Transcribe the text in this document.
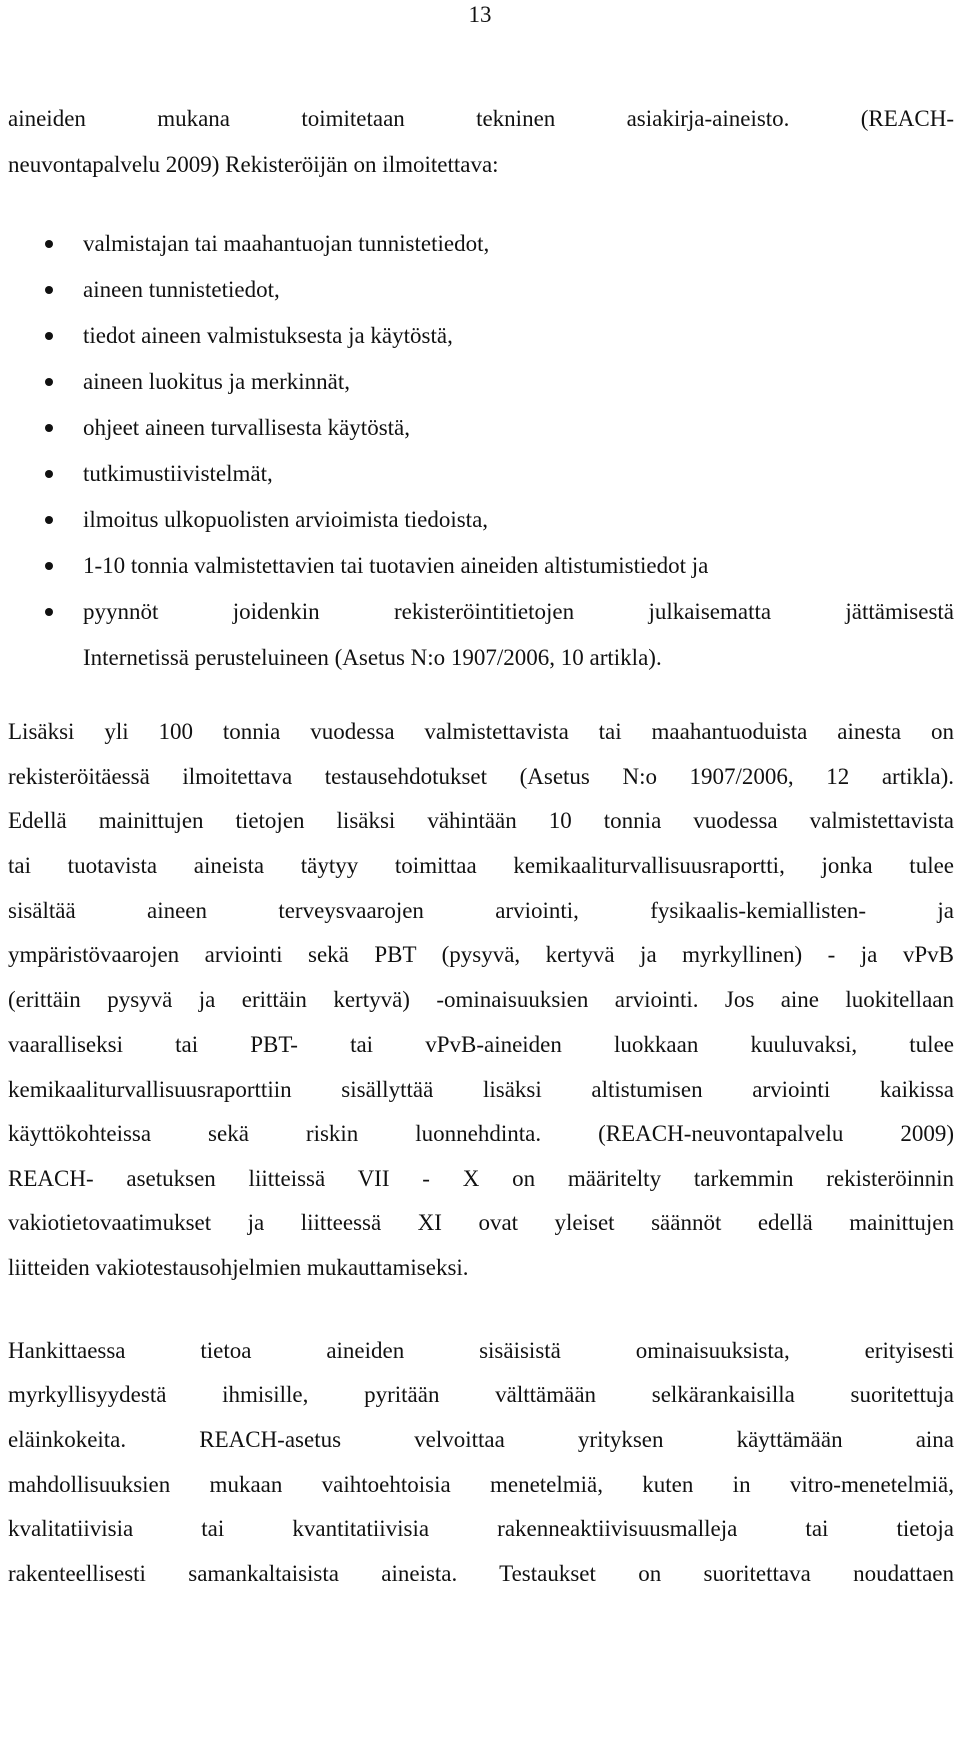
13
aineiden mukana toimitetaan tekninen asiakirja-aineisto. (REACH-
neuvontapalvelu 2009) Rekisteröijän on ilmoitettava:
valmistajan tai maahantuojan tunnistetiedot,
aineen tunnistetiedot,
tiedot aineen valmistuksesta ja käytöstä,
aineen luokitus ja merkinnät,
ohjeet aineen turvallisesta käytöstä,
tutkimustiivistelmät,
ilmoitus ulkopuolisten arvioimista tiedoista,
1-10 tonnia valmistettavien tai tuotavien aineiden altistumistiedot ja
pyynnöt joidenkin rekisteröintitietojen julkaisematta jättämisestä
Internetissä perusteluineen (Asetus N:o 1907/2006, 10 artikla).
Lisäksi yli 100 tonnia vuodessa valmistettavista tai maahantuoduista ainesta on
rekisteröitäessä ilmoitettava testausehdotukset (Asetus N:o 1907/2006, 12 artikla).
Edellä mainittujen tietojen lisäksi vähintään 10 tonnia vuodessa valmistettavista
tai tuotavista aineista täytyy toimittaa kemikaaliturvallisuusraportti, jonka tulee
sisältää aineen terveysvaarojen arviointi, fysikaalis-kemiallisten- ja
ympäristövaarojen arviointi sekä PBT (pysyvä, kertyvä ja myrkyllinen) - ja vPvB
(erittäin pysyvä ja erittäin kertyvä) -ominaisuuksien arviointi. Jos aine luokitellaan
vaaralliseksi tai PBT- tai vPvB-aineiden luokkaan kuuluvaksi, tulee
kemikaaliturvallisuusraporttiin sisällyttää lisäksi altistumisen arviointi kaikissa
käyttökohteissa sekä riskin luonnehdinta. (REACH-neuvontapalvelu 2009)
REACH- asetuksen liitteissä VII - X on määritelty tarkemmin rekisteröinnin
vakiotietovaatimukset ja liitteessä XI ovat yleiset säännöt edellä mainittujen
liitteiden vakiotestausohjelmien mukauttamiseksi.
Hankittaessa tietoa aineiden sisäisistä ominaisuuksista, erityisesti
myrkyllisyydestä ihmisille, pyritään välttämään selkärankaisilla suoritettuja
eläinkokeita. REACH-asetus velvoittaa yrityksen käyttämään aina
mahdollisuuksien mukaan vaihtoehtoisia menetelmiä, kuten in vitro-menetelmiä,
kvalitatiivisia tai kvantitatiivisia rakenneaktiivisuusmalleja tai tietoja
rakenteellisesti samankaltaisista aineista. Testaukset on suoritettava noudattaen
